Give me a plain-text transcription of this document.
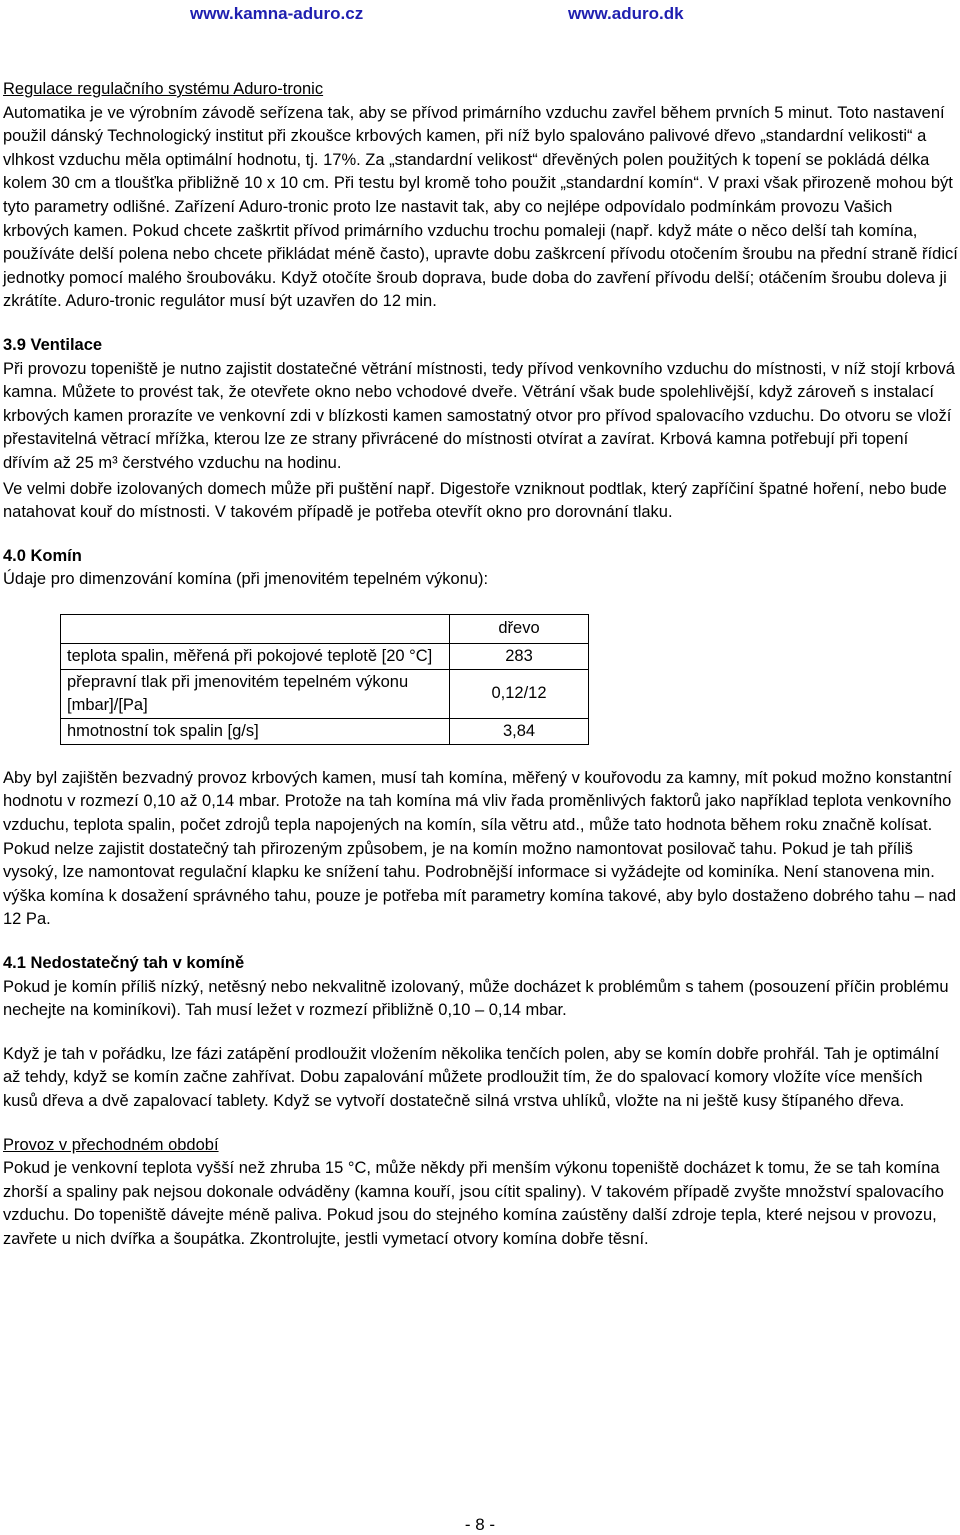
www.kamna-aduro.cz	www.aduro.dk

Regulace regulačního systému Aduro-tronic

Automatika je ve výrobním závodě seřízena tak, aby se přívod primárního vzduchu zavřel během prvních 5 minut. Toto nastavení použil dánský Technologický institut při zkoušce krbových kamen, při níž bylo spalováno palivové dřevo „standardní velikosti“ a vlhkost vzduchu měla optimální hodnotu, tj. 17%. Za „standardní velikost“ dřevěných polen použitých k topení se pokládá délka kolem 30 cm a tloušťka přibližně 10 x 10 cm. Při testu byl kromě toho použit „standardní komín“. V praxi však přirozeně mohou být tyto parametry odlišné. Zařízení Aduro-tronic proto lze nastavit tak, aby co nejlépe odpovídalo podmínkám provozu Vašich krbových kamen. Pokud chcete zaškrtit přívod primárního vzduchu trochu pomaleji (např. když máte o něco delší tah komína, používáte delší polena nebo chcete přikládat méně často), upravte dobu zaškrcení přívodu otočením šroubu na přední straně řídicí jednotky pomocí malého šroubováku. Když otočíte šroub doprava, bude doba do zavření přívodu delší; otáčením šroubu doleva ji zkrátíte. Aduro-tronic regulátor musí být uzavřen do 12 min.

3.9 Ventilace

Při provozu topeniště je nutno zajistit dostatečné větrání místnosti, tedy přívod venkovního vzduchu do místnosti, v níž stojí krbová kamna. Můžete to provést tak, že otevřete okno nebo vchodové dveře. Větrání však bude spolehlivější, když zároveň s instalací krbových kamen prorazíte ve venkovní zdi v blízkosti kamen samostatný otvor pro přívod spalovacího vzduchu. Do otvoru se vloží přestavitelná větrací mřížka, kterou lze ze strany přivrácené do místnosti otvírat a zavírat. Krbová kamna potřebují při topení dřívím až 25 m³ čerstvého vzduchu na hodinu.

Ve velmi dobře izolovaných domech může při puštění např. Digestoře vzniknout podtlak, který zapříčiní špatné hoření, nebo bude natahovat kouř do místnosti. V takovém případě je potřeba otevřít okno pro dorovnání tlaku.

4.0 Komín

Údaje pro dimenzování komína (při jmenovitém tepelném výkonu):

	dřevo
teplota spalin, měřená při pokojové teplotě [20 °C]	283
přepravní tlak při jmenovitém tepelném výkonu [mbar]/[Pa]	0,12/12
hmotnostní tok spalin [g/s]	3,84

Aby byl zajištěn bezvadný provoz krbových kamen, musí tah komína, měřený v kouřovodu za kamny, mít pokud možno konstantní hodnotu v rozmezí 0,10 až 0,14 mbar. Protože na tah komína má vliv řada proměnlivých faktorů jako například teplota venkovního vzduchu, teplota spalin, počet zdrojů tepla napojených na komín, síla větru atd., může tato hodnota během roku značně kolísat. Pokud nelze zajistit dostatečný tah přirozeným způsobem, je na komín možno namontovat posilovač tahu. Pokud je tah příliš vysoký, lze namontovat regulační klapku ke snížení tahu. Podrobnější informace si vyžádejte od kominíka. Není stanovena min. výška komína k dosažení správného tahu, pouze je potřeba mít parametry komína takové, aby bylo dostaženo dobrého tahu – nad 12 Pa.

4.1 Nedostatečný tah v komíně

Pokud je komín příliš nízký, netěsný nebo nekvalitně izolovaný, může docházet k problémům s tahem (posouzení příčin problému nechejte na kominíkovi). Tah musí ležet v rozmezí přibližně 0,10 – 0,14 mbar.

Když je tah v pořádku, lze fázi zatápění prodloužit vložením několika tenčích polen, aby se komín dobře prohřál. Tah je optimální až tehdy, když se komín začne zahřívat. Dobu zapalování můžete prodloužit tím, že do spalovací komory vložíte více menších kusů dřeva a dvě zapalovací tablety. Když se vytvoří dostatečně silná vrstva uhlíků, vložte na ni ještě kusy štípaného dřeva.

Provoz v přechodném období

Pokud je venkovní teplota vyšší než zhruba 15 °C, může někdy při menším výkonu topeniště docházet k tomu, že se tah komína zhorší a spaliny pak nejsou dokonale odváděny (kamna kouří, jsou cítit spaliny). V takovém případě zvyšte množství spalovacího vzduchu. Do topeniště dávejte méně paliva. Pokud jsou do stejného komína zaústěny další zdroje tepla, které nejsou v provozu, zavřete u nich dvířka a šoupátka. Zkontrolujte, jestli vymetací otvory komína dobře těsní.

- 8 -
